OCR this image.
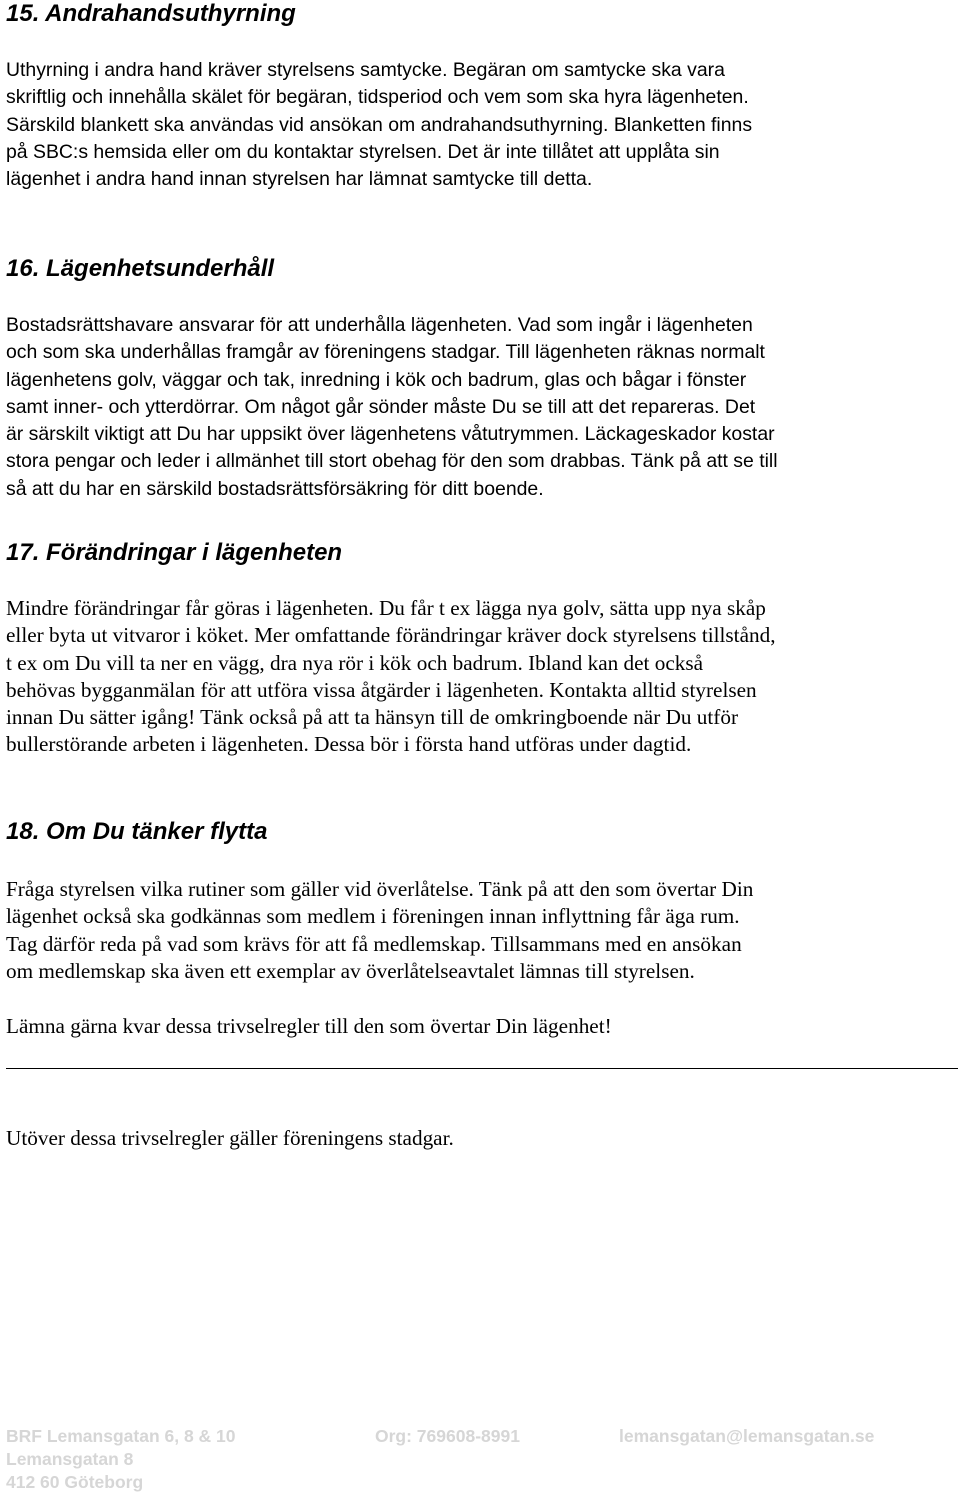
15. Andrahandsuthyrning

Uthyrning i andra hand kräver styrelsens samtycke. Begäran om samtycke ska vara
skriftlig och innehålla skälet för begäran, tidsperiod och vem som ska hyra lägenheten.
Särskild blankett ska användas vid ansökan om andrahandsuthyrning. Blanketten finns
på SBC:s hemsida eller om du kontaktar styrelsen. Det är inte tillåtet att upplåta sin
lägenhet i andra hand innan styrelsen har lämnat samtycke till detta.

16. Lägenhetsunderhåll

Bostadsrättshavare ansvarar för att underhålla lägenheten. Vad som ingår i lägenheten
och som ska underhållas framgår av föreningens stadgar. Till lägenheten räknas normalt
lägenhetens golv, väggar och tak, inredning i kök och badrum, glas och bågar i fönster
samt inner- och ytterdörrar. Om något går sönder måste Du se till att det repareras. Det
är särskilt viktigt att Du har uppsikt över lägenhetens våtutrymmen. Läckageskador kostar
stora pengar och leder i allmänhet till stort obehag för den som drabbas. Tänk på att se till
så att du har en särskild bostadsrättsförsäkring för ditt boende.

17. Förändringar i lägenheten

Mindre förändringar får göras i lägenheten. Du får t ex lägga nya golv, sätta upp nya skåp
eller byta ut vitvaror i köket. Mer omfattande förändringar kräver dock styrelsens tillstånd,
t ex om Du vill ta ner en vägg, dra nya rör i kök och badrum. Ibland kan det också
behövas bygganmälan för att utföra vissa åtgärder i lägenheten. Kontakta alltid styrelsen
innan Du sätter igång! Tänk också på att ta hänsyn till de omkringboende när Du utför
bullerstörande arbeten i lägenheten. Dessa bör i första hand utföras under dagtid.

18. Om Du tänker flytta

Fråga styrelsen vilka rutiner som gäller vid överlåtelse. Tänk på att den som övertar Din
lägenhet också ska godkännas som medlem i föreningen innan inflyttning får äga rum.
Tag därför reda på vad som krävs för att få medlemskap. Tillsammans med en ansökan
om medlemskap ska även ett exemplar av överlåtelseavtalet lämnas till styrelsen.

Lämna gärna kvar dessa trivselregler till den som övertar Din lägenhet!

Utöver dessa trivselregler gäller föreningens stadgar.

BRF Lemansgatan 6, 8 & 10	Org: 769608-8991	lemansgatan@lemansgatan.se

Lemansgatan 8

412 60 Göteborg
